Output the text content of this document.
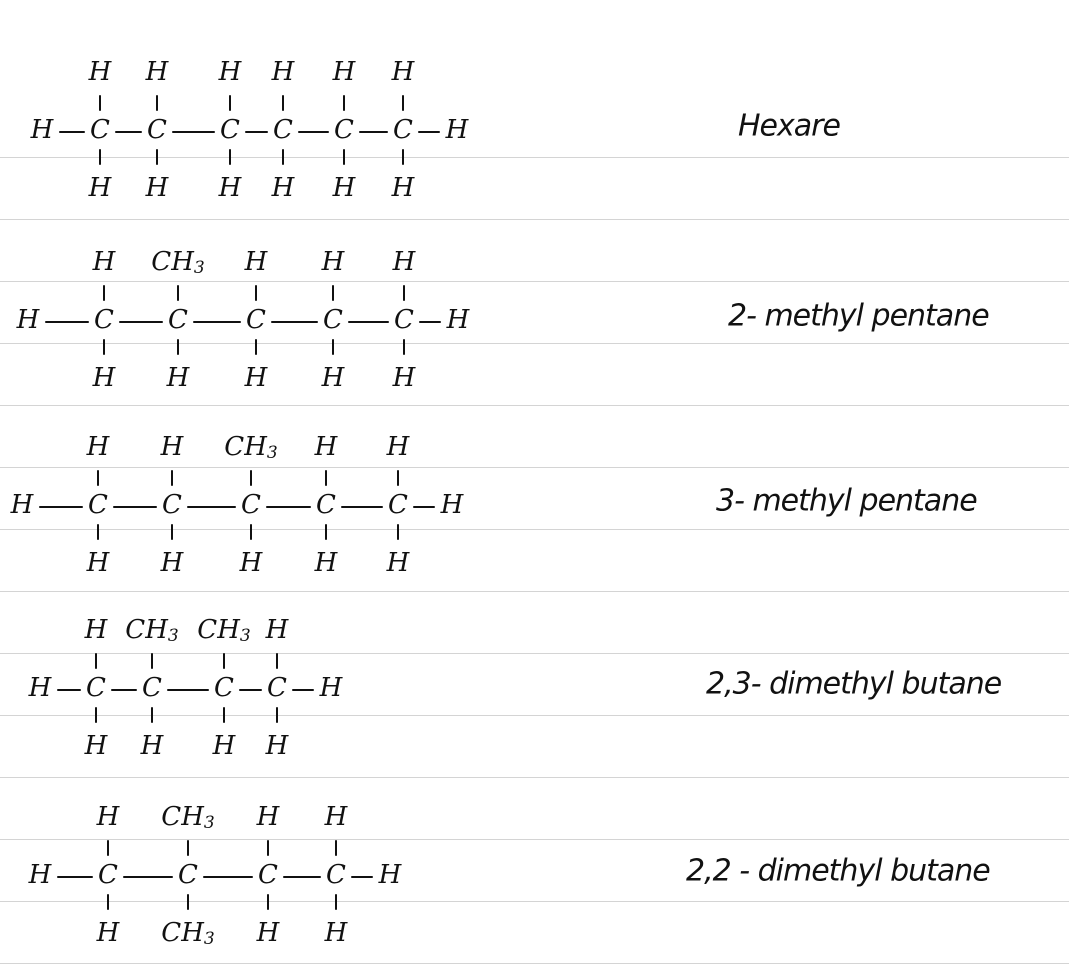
H C
H
H
C
H
H
C
H
H
C
H
H
C
H
H
C
H
H
H	Hexare
H C
H
H
C
$CH_3$
H
C
H
H
C
H
H
C
H
H
H	2- methyl pentane
H C
H
H
C
H
H
C
$CH_3$
H
C
H
H
C
H
H
H	3- methyl pentane
H C
H
H
C
$CH_3$
H
C
$CH_3$
H
C
H
H
H	2,3- dimethyl butane
H C
H
H
C
$CH_3$
$CH_3$
C
H
H
C
H
H
H	2,2 - dimethyl butane
